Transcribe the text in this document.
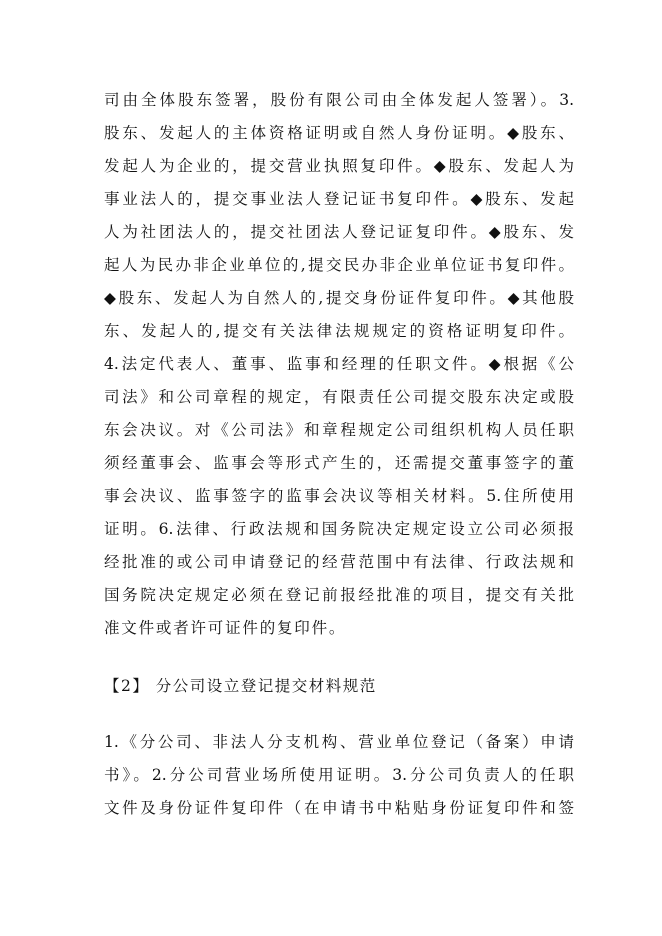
司由全体股东签署，股份有限公司由全体发起人签署）。3.
股东、发起人的主体资格证明或自然人身份证明。◆股东、
发起人为企业的，提交营业执照复印件。◆股东、发起人为
事业法人的，提交事业法人登记证书复印件。◆股东、发起
人为社团法人的，提交社团法人登记证复印件。◆股东、发
起人为民办非企业单位的,提交民办非企业单位证书复印件。
◆股东、发起人为自然人的,提交身份证件复印件。◆其他股
东、发起人的,提交有关法律法规规定的资格证明复印件。
4.法定代表人、董事、监事和经理的任职文件。◆根据《公
司法》和公司章程的规定，有限责任公司提交股东决定或股
东会决议。对《公司法》和章程规定公司组织机构人员任职
须经董事会、监事会等形式产生的，还需提交董事签字的董
事会决议、监事签字的监事会决议等相关材料。5.住所使用
证明。6.法律、行政法规和国务院决定规定设立公司必须报
经批准的或公司申请登记的经营范围中有法律、行政法规和
国务院决定规定必须在登记前报经批准的项目，提交有关批
准文件或者许可证件的复印件。
【2】 分公司设立登记提交材料规范
1.《分公司、非法人分支机构、营业单位登记（备案）申请
书》。2.分公司营业场所使用证明。3.分公司负责人的任职
文件及身份证件复印件（在申请书中粘贴身份证复印件和签
